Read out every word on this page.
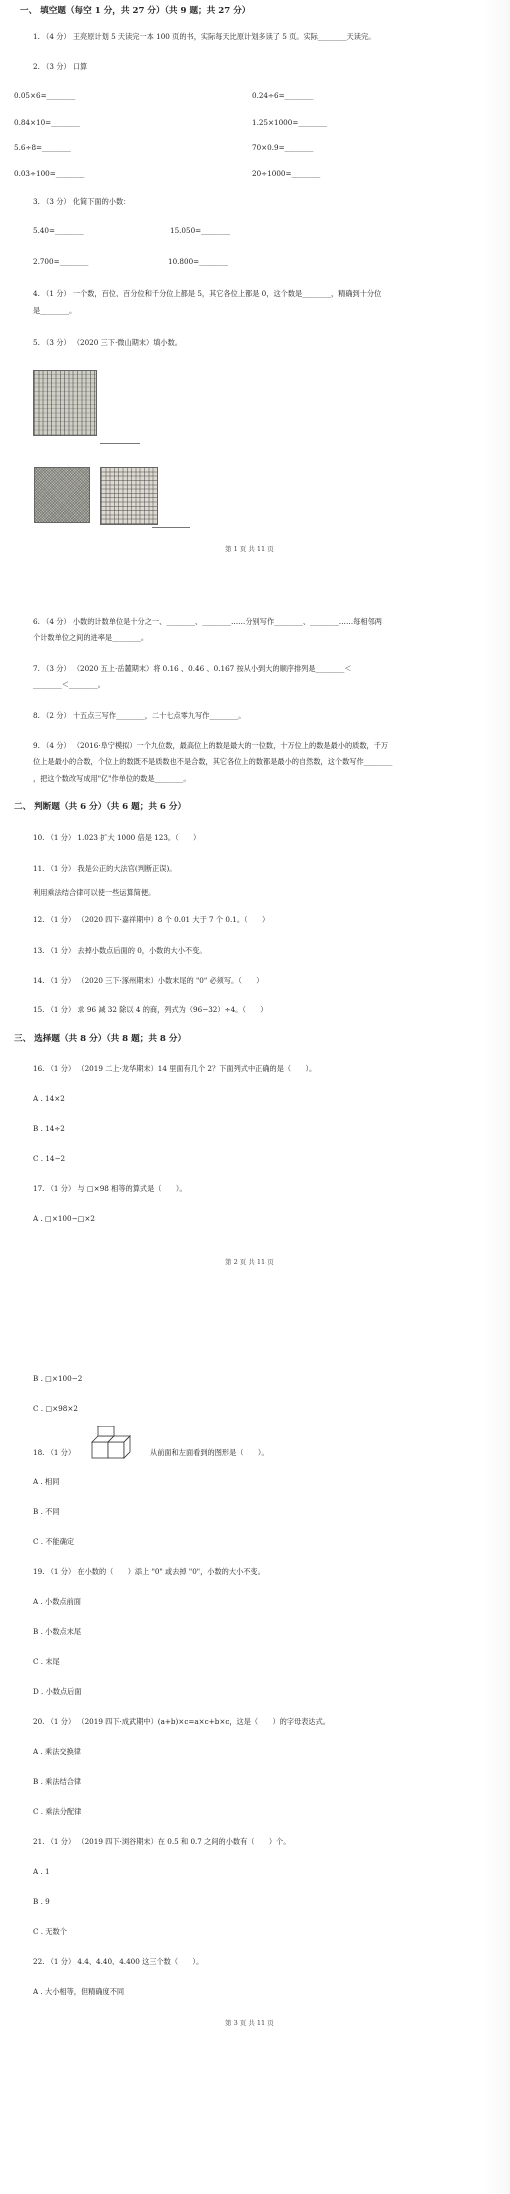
一、 填空题（每空 1 分，共 27 分）（共 9 题；共 27 分）
1. （4 分） 王亮原计划 5 天读完一本 100 页的书，实际每天比原计划多读了 5 页。实际________天读完。
2. （3 分） 口算
0.05×6=________	0.24÷6=________
0.84×10=________	1.25×1000=________
5.6÷8=________	70×0.9=________
0.03÷100=________	20÷1000=________
3. （3 分） 化简下面的小数：
5.40=________	15.050=________
2.700=________	10.800=________
4. （1 分） 一个数，百位、百分位和千分位上都是 5，其它各位上都是 0，这个数是________，精确到十分位
是________。
5. （3 分） （2020 三下·微山期末）填小数。
第 1 页 共 11 页
6. （4 分） 小数的计数单位是十分之一、________、________……分别写作________、________……每相邻两
个计数单位之间的进率是________。
7. （3 分） （2020 五上·岳麓期末）将 0.16 、0.4̇6 、0.167 按从小到大的顺序排列是________＜
________＜________。
8. （2 分） 十五点三写作________，二十七点零九写作________。
9. （4 分） （2016·阜宁模拟）一个九位数，最高位上的数是最大的一位数，十万位上的数是最小的质数，千万
位上是最小的合数，个位上的数既不是质数也不是合数，其它各位上的数都是最小的自然数，这个数写作________
，把这个数改写成用"亿"作单位的数是________。
二、 判断题（共 6 分）（共 6 题；共 6 分）
10. （1 分） 1.023 扩大 1000 倍是 123。（　　）
11. （1 分） 我是公正的大法官(判断正误)。
利用乘法结合律可以使一些运算简便。
12. （1 分） （2020 四下·嘉祥期中）8 个 0.01 大于 7 个 0.1。（　　）
13. （1 分） 去掉小数点后面的 0，小数的大小不变。
14. （1 分） （2020 三下·涿州期末）小数末尾的 "0" 必须写。（　　）
15. （1 分） 求 96 减 32 除以 4 的商，列式为（96−32）÷4。（　　）
三、 选择题（共 8 分）（共 8 题；共 8 分）
16. （1 分） （2019 二上·龙华期末）14 里面有几个 2？下面列式中正确的是（　　）。
A . 14×2
B . 14÷2
C . 14−2
17. （1 分） 与 □×98 相等的算式是（　　）。
A . □×100−□×2
第 2 页 共 11 页
B . □×100−2
C . □×98×2
18. （1 分）	从前面和左面看到的图形是（　　）。
A . 相同
B . 不同
C . 不能确定
19. （1 分） 在小数的（　　）添上 "0" 或去掉 "0"，小数的大小不变。
A . 小数点前面
B . 小数点末尾
C . 末尾
D . 小数点后面
20. （1 分） （2019 四下·成武期中）(a+b)×c=a×c+b×c，这是（　　）的字母表达式。
A . 乘法交换律
B . 乘法结合律
C . 乘法分配律
21. （1 分） （2019 四下·浏谷期末）在 0.5 和 0.7 之间的小数有（　　）个。
A . 1
B . 9
C . 无数个
22. （1 分） 4.4、4.40、4.400 这三个数（　　）。
A . 大小相等，但精确度不同
第 3 页 共 11 页
